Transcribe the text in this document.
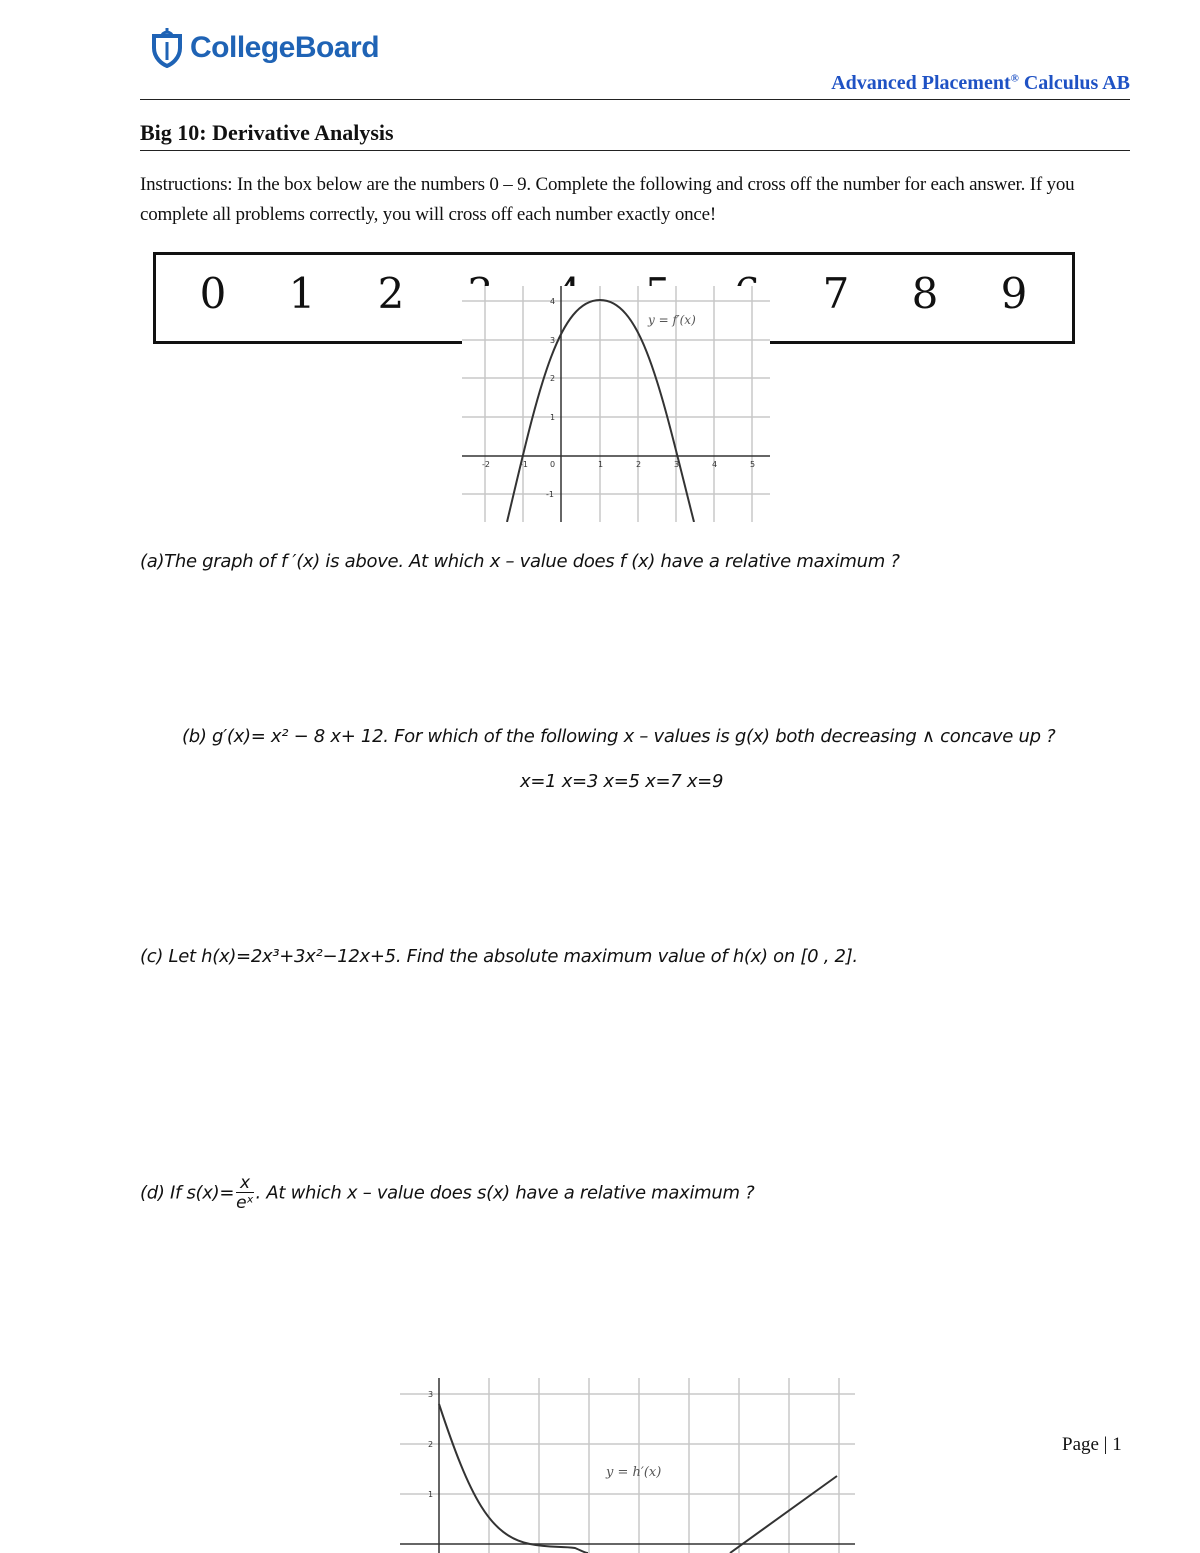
CollegeBoard
Advanced Placement® Calculus AB
Big 10: Derivative Analysis
Instructions: In the box below are the numbers 0 – 9. Complete the following and cross off the number for each answer. If you complete all problems correctly, you will cross off each number exactly once!
0 1 2 3 4 5 6 7 8 9
-2	-1	0	1	2	3	4	5
4
3
2
1
-1
y = f′(x)
(a)The graph of f ′(x) is above. At which x – value does f (x) have a relative maximum ?
(b) g′(x)= x² − 8 x+ 12. For which of the following x – values is g(x) both decreasing ∧ concave up ?
x=1 x=3 x=5 x=7 x=9
(c) Let h(x)=2x³+3x²−12x+5. Find the absolute maximum value of h(x) on [0 , 2].
(d) If $s(x)= \frac{x}{\text{eˣ}}$ . At which x – value does s(x) have a relative maximum ?
3
2
1
y = h′(x)
Page | 1
